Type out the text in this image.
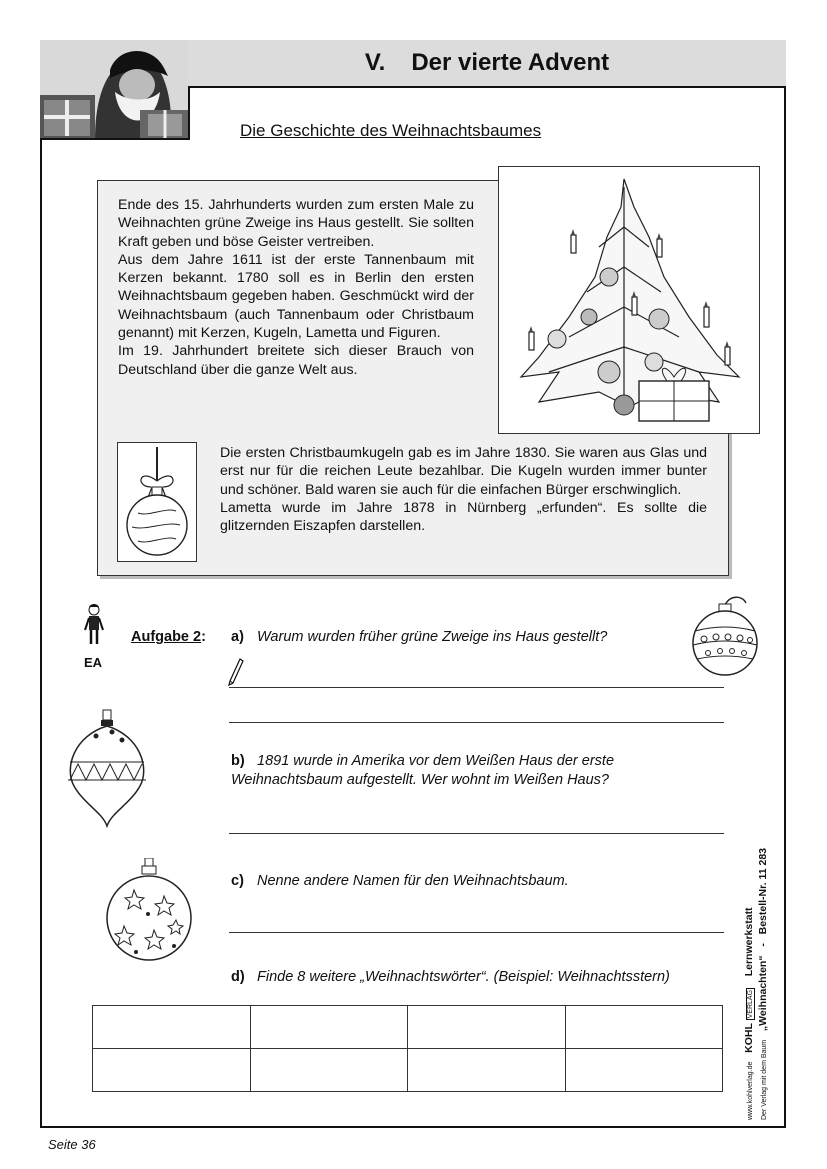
V. Der vierte Advent
Die Geschichte des Weihnachtsbaumes
Ende des 15. Jahrhunderts wurden zum ersten Male zu Weihnachten grüne Zweige ins Haus gestellt. Sie sollten Kraft geben und böse Geister vertreiben.
Aus dem Jahre 1611 ist der erste Tannenbaum mit Kerzen bekannt. 1780 soll es in Berlin den ersten Weihnachtsbaum gegeben haben. Geschmückt wird der Weihnachtsbaum (auch Tannenbaum oder Christbaum genannt) mit Kerzen, Kugeln, Lametta und Figuren.
Im 19. Jahrhundert breitete sich dieser Brauch von Deutschland über die ganze Welt aus.
Die ersten Christbaumkugeln gab es im Jahre 1830. Sie waren aus Glas und erst nur für die reichen Leute bezahlbar. Die Kugeln wurden immer bunter und schöner. Bald waren sie auch für die einfachen Bürger erschwinglich.
Lametta wurde im Jahre 1878 in Nürnberg „erfunden“. Es sollte die glitzernden Eiszapfen darstellen.
EA
Aufgabe 2: a) Warum wurden früher grüne Zweige ins Haus gestellt?
b) 1891 wurde in Amerika vor dem Weißen Haus der erste Weihnachtsbaum aufgestellt. Wer wohnt im Weißen Haus?
c) Nenne andere Namen für den Weihnachtsbaum.
d) Finde 8 weitere „Weihnachtswörter“. (Beispiel: Weihnachtsstern)

www.kohlverlag.de   KOHL VERLAG    Lernwerkstatt
Der Verlag mit dem Baum   „Weihnachten“   -   Bestell-Nr. 11 283
Seite 36
